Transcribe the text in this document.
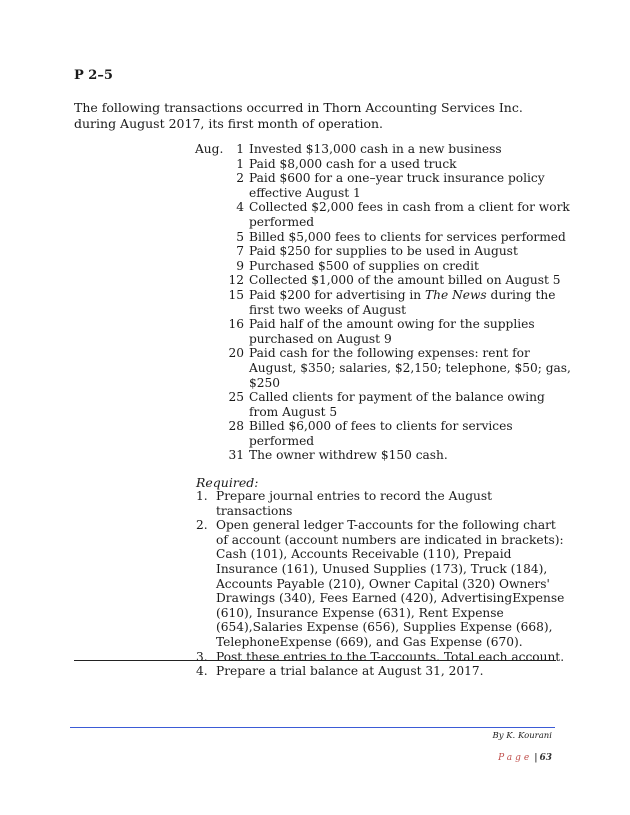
P 2–5
The following transactions occurred in Thorn Accounting Services Inc. during August 2017, its first month of operation.
Aug.	1 Invested $13,000 cash in a new business
1 Paid $8,000 cash for a used truck
2 Paid $600 for a one–year truck insurance policy effective August 1
4 Collected $2,000 fees in cash from a client for work performed
5 Billed $5,000 fees to clients for services performed
7 Paid $250 for supplies to be used in August
9 Purchased $500 of supplies on credit
12 Collected $1,000 of the amount billed on August 5
15 Paid $200 for advertising in The News during the first two weeks of August
16 Paid half of the amount owing for the supplies purchased on August 9
20 Paid cash for the following expenses: rent for August, $350; salaries, $2,150; telephone, $50; gas, $250
25 Called clients for payment of the balance owing from August 5
28 Billed $6,000 of fees to clients for services performed
31 The owner withdrew $150 cash.
Required:
1. Prepare journal entries to record the August transactions
2. Open general ledger T-accounts for the following chart of account (account numbers are indicated in brackets): Cash (101), Accounts Receivable (110), Prepaid Insurance (161), Unused Supplies (173), Truck (184), Accounts Payable (210), Owner Capital (320) Owners' Drawings (340), Fees Earned (420), AdvertisingExpense (610), Insurance Expense (631), Rent Expense (654),Salaries Expense (656), Supplies Expense (668), TelephoneExpense (669), and Gas Expense (670).
3. Post these entries to the T-accounts. Total each account.
4. Prepare a trial balance at August 31, 2017.
By K. Kourani
Page | 63
